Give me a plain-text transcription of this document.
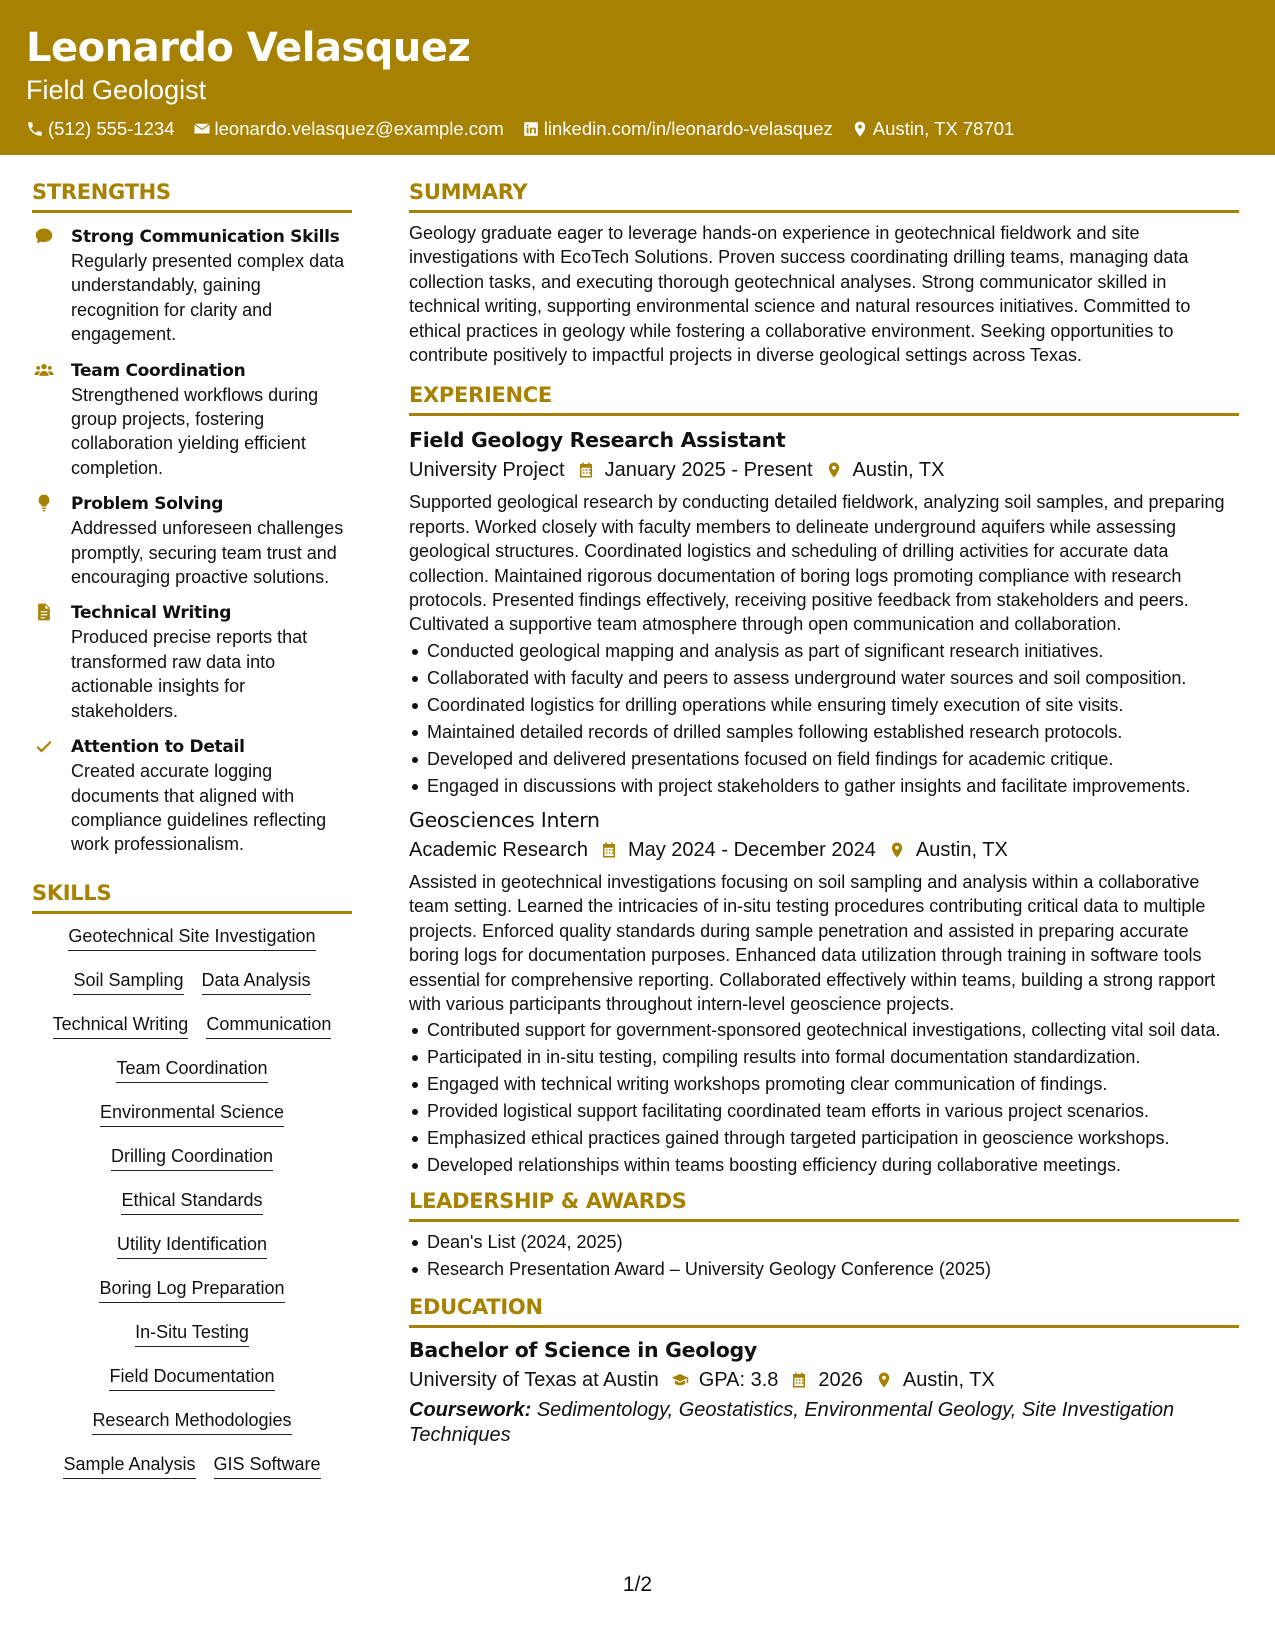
Leonardo Velasquez
Field Geologist
(512) 555-1234 leonardo.velasquez@example.com linkedin.com/in/leonardo-velasquez Austin, TX 78701
STRENGTHS
Strong Communication Skills
Regularly presented complex data understandably, gaining recognition for clarity and engagement.
Team Coordination
Strengthened workflows during group projects, fostering collaboration yielding efficient completion.
Problem Solving
Addressed unforeseen challenges promptly, securing team trust and encouraging proactive solutions.
Technical Writing
Produced precise reports that transformed raw data into actionable insights for stakeholders.
Attention to Detail
Created accurate logging documents that aligned with compliance guidelines reflecting work professionalism.
SKILLS
Geotechnical Site Investigation
Soil Sampling Data Analysis
Technical Writing Communication
Team Coordination
Environmental Science
Drilling Coordination
Ethical Standards
Utility Identification
Boring Log Preparation
In-Situ Testing
Field Documentation
Research Methodologies
Sample Analysis GIS Software
SUMMARY
Geology graduate eager to leverage hands-on experience in geotechnical fieldwork and site investigations with EcoTech Solutions. Proven success coordinating drilling teams, managing data collection tasks, and executing thorough geotechnical analyses. Strong communicator skilled in technical writing, supporting environmental science and natural resources initiatives. Committed to ethical practices in geology while fostering a collaborative environment. Seeking opportunities to contribute positively to impactful projects in diverse geological settings across Texas.
EXPERIENCE
Field Geology Research Assistant
University Project January 2025 - Present Austin, TX
Supported geological research by conducting detailed fieldwork, analyzing soil samples, and preparing reports. Worked closely with faculty members to delineate underground aquifers while assessing geological structures. Coordinated logistics and scheduling of drilling activities for accurate data collection. Maintained rigorous documentation of boring logs promoting compliance with research protocols. Presented findings effectively, receiving positive feedback from stakeholders and peers. Cultivated a supportive team atmosphere through open communication and collaboration.
Conducted geological mapping and analysis as part of significant research initiatives.
Collaborated with faculty and peers to assess underground water sources and soil composition.
Coordinated logistics for drilling operations while ensuring timely execution of site visits.
Maintained detailed records of drilled samples following established research protocols.
Developed and delivered presentations focused on field findings for academic critique.
Engaged in discussions with project stakeholders to gather insights and facilitate improvements.
Geosciences Intern
Academic Research May 2024 - December 2024 Austin, TX
Assisted in geotechnical investigations focusing on soil sampling and analysis within a collaborative team setting. Learned the intricacies of in-situ testing procedures contributing critical data to multiple projects. Enforced quality standards during sample penetration and assisted in preparing accurate boring logs for documentation purposes. Enhanced data utilization through training in software tools essential for comprehensive reporting. Collaborated effectively within teams, building a strong rapport with various participants throughout intern-level geoscience projects.
Contributed support for government-sponsored geotechnical investigations, collecting vital soil data.
Participated in in-situ testing, compiling results into formal documentation standardization.
Engaged with technical writing workshops promoting clear communication of findings.
Provided logistical support facilitating coordinated team efforts in various project scenarios.
Emphasized ethical practices gained through targeted participation in geoscience workshops.
Developed relationships within teams boosting efficiency during collaborative meetings.
LEADERSHIP & AWARDS
Dean's List (2024, 2025)
Research Presentation Award – University Geology Conference (2025)
EDUCATION
Bachelor of Science in Geology
University of Texas at Austin GPA: 3.8 2026 Austin, TX
Coursework: Sedimentology, Geostatistics, Environmental Geology, Site Investigation Techniques
1/2
